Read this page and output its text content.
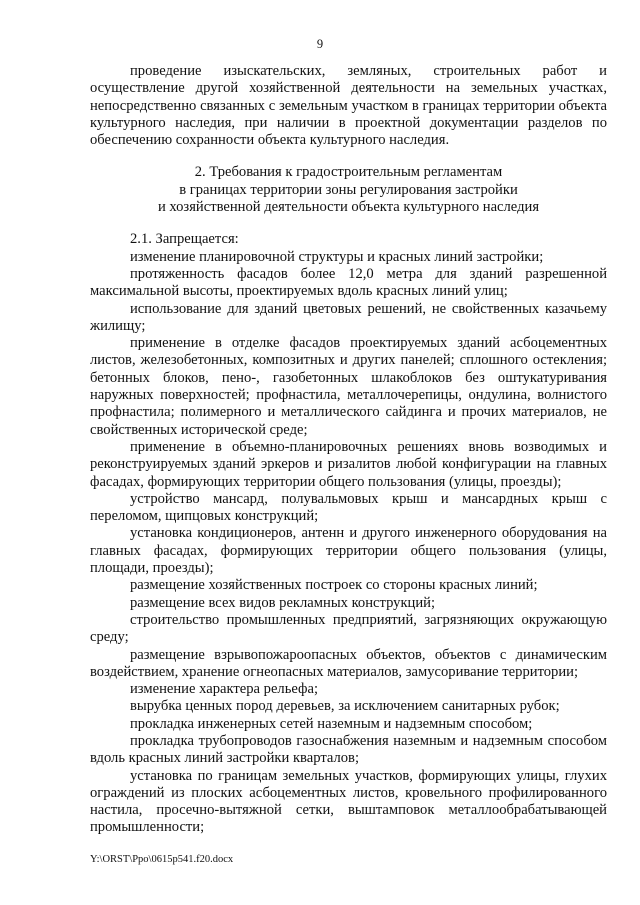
9

проведение изыскательских, земляных, строительных работ и осуществление другой хозяйственной деятельности на земельных участках, непосредственно связанных с земельным участком в границах территории объекта культурного наследия, при наличии в проектной документации разделов по обеспечению сохранности объекта культурного наследия.

2. Требования к градостроительным регламентам

в границах территории зоны регулирования застройки

и хозяйственной деятельности объекта культурного наследия

2.1. Запрещается:

изменение планировочной структуры и красных линий застройки;

протяженность фасадов более 12,0 метра для зданий разрешенной максимальной высоты, проектируемых вдоль красных линий улиц;

использование для зданий цветовых решений, не свойственных казачьему жилищу;

применение в отделке фасадов проектируемых зданий асбоцементных листов, железобетонных, композитных и других панелей; сплошного остекления; бетонных блоков, пено-, газобетонных шлакоблоков без оштукатуривания наружных поверхностей; профнастила, металлочерепицы, ондулина, волнистого профнастила; полимерного и металлического сайдинга и прочих материалов, не свойственных исторической среде;

применение в объемно-планировочных решениях вновь возводимых и реконструируемых зданий эркеров и ризалитов любой конфигурации на главных фасадах, формирующих территории общего пользования (улицы, проезды);

устройство мансард, полувальмовых крыш и мансардных крыш с переломом, щипцовых конструкций;

установка кондиционеров, антенн и другого инженерного оборудования на главных фасадах, формирующих территории общего пользования (улицы, площади, проезды);

размещение хозяйственных построек со стороны красных линий;

размещение всех видов рекламных конструкций;

строительство промышленных предприятий, загрязняющих окружающую среду;

размещение взрывопожароопасных объектов, объектов с динамическим воздействием, хранение огнеопасных материалов, замусоривание территории;

изменение характера рельефа;

вырубка ценных пород деревьев, за исключением санитарных рубок;

прокладка инженерных сетей наземным и надземным способом;

прокладка трубопроводов газоснабжения наземным и надземным способом вдоль красных линий застройки кварталов;

установка по границам земельных участков, формирующих улицы, глухих ограждений из плоских асбоцементных листов, кровельного профилированного настила, просечно-вытяжной сетки, выштамповок металлообрабатывающей промышленности;

Y:\ORST\Ppo\0615p541.f20.docx
